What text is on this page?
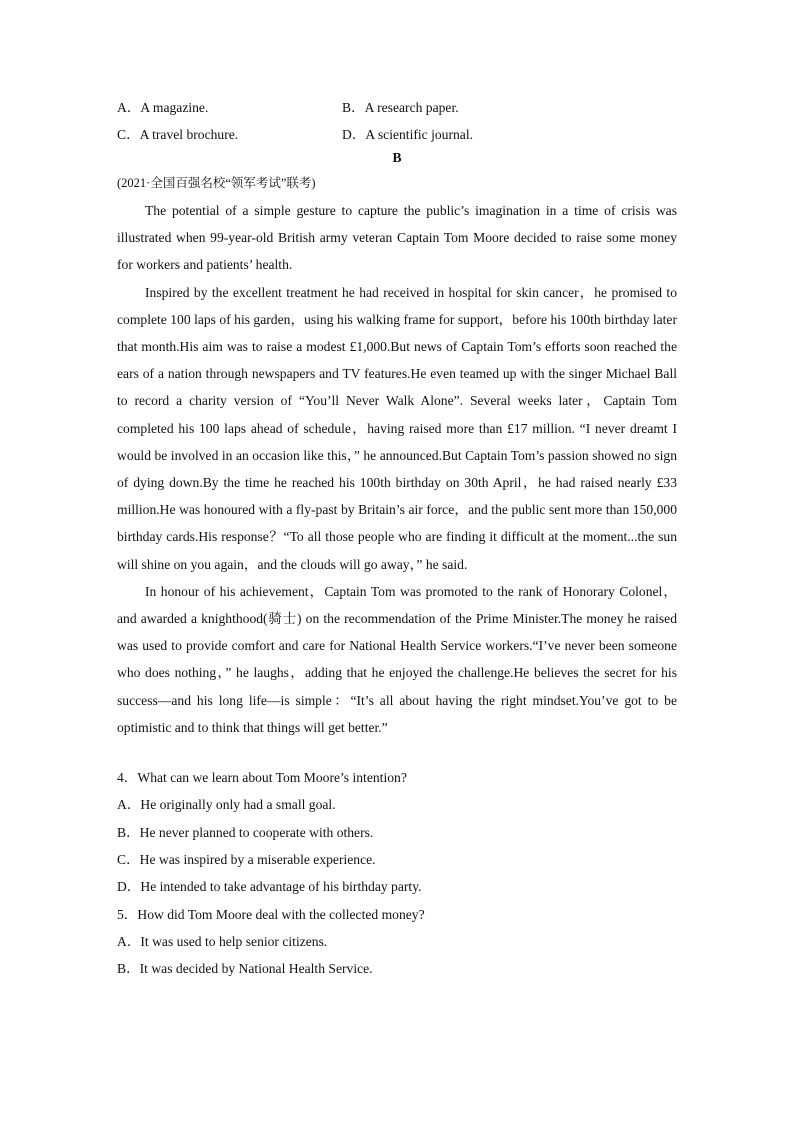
A．A magazine.	B．A research paper.
C．A travel brochure.	D．A scientific journal.
B
(2021·全国百强名校“领军考试”联考)

The potential of a simple gesture to capture the public’s imagination in a time of crisis was illustrated when 99-year-old British army veteran Captain Tom Moore decided to raise some money for workers and patients’ health.

Inspired by the excellent treatment he had received in hospital for skin cancer，he promised to complete 100 laps of his garden，using his walking frame for support，before his 100th birthday later that month.His aim was to raise a modest £1,000.But news of Captain Tom’s efforts soon reached the ears of a nation through newspapers and TV features.He even teamed up with the singer Michael Ball to record a charity version of “You’ll Never Walk Alone”. Several weeks later，Captain Tom completed his 100 laps ahead of schedule，having raised more than £17 million. “I never dreamt I would be involved in an occasion like this，” he announced.But Captain Tom’s passion showed no sign of dying down.By the time he reached his 100th birthday on 30th April，he had raised nearly £33 million.He was honoured with a fly-past by Britain’s air force，and the public sent more than 150,000 birthday cards.His response？“To all those people who are finding it difficult at the moment...the sun will shine on you again，and the clouds will go away，” he said.

In honour of his achievement，Captain Tom was promoted to the rank of Honorary Colonel，and awarded a knighthood(骑士) on the recommendation of the Prime Minister.The money he raised was used to provide comfort and care for National Health Service workers.“I’ve never been someone who does nothing，” he laughs，adding that he enjoyed the challenge.He believes the secret for his success—and his long life—is simple：“It’s all about having the right mindset.You’ve got to be optimistic and to think that things will get better.”

4．What can we learn about Tom Moore’s intention?

A．He originally only had a small goal.

B．He never planned to cooperate with others.

C．He was inspired by a miserable experience.

D．He intended to take advantage of his birthday party.

5．How did Tom Moore deal with the collected money?

A．It was used to help senior citizens.

B．It was decided by National Health Service.
